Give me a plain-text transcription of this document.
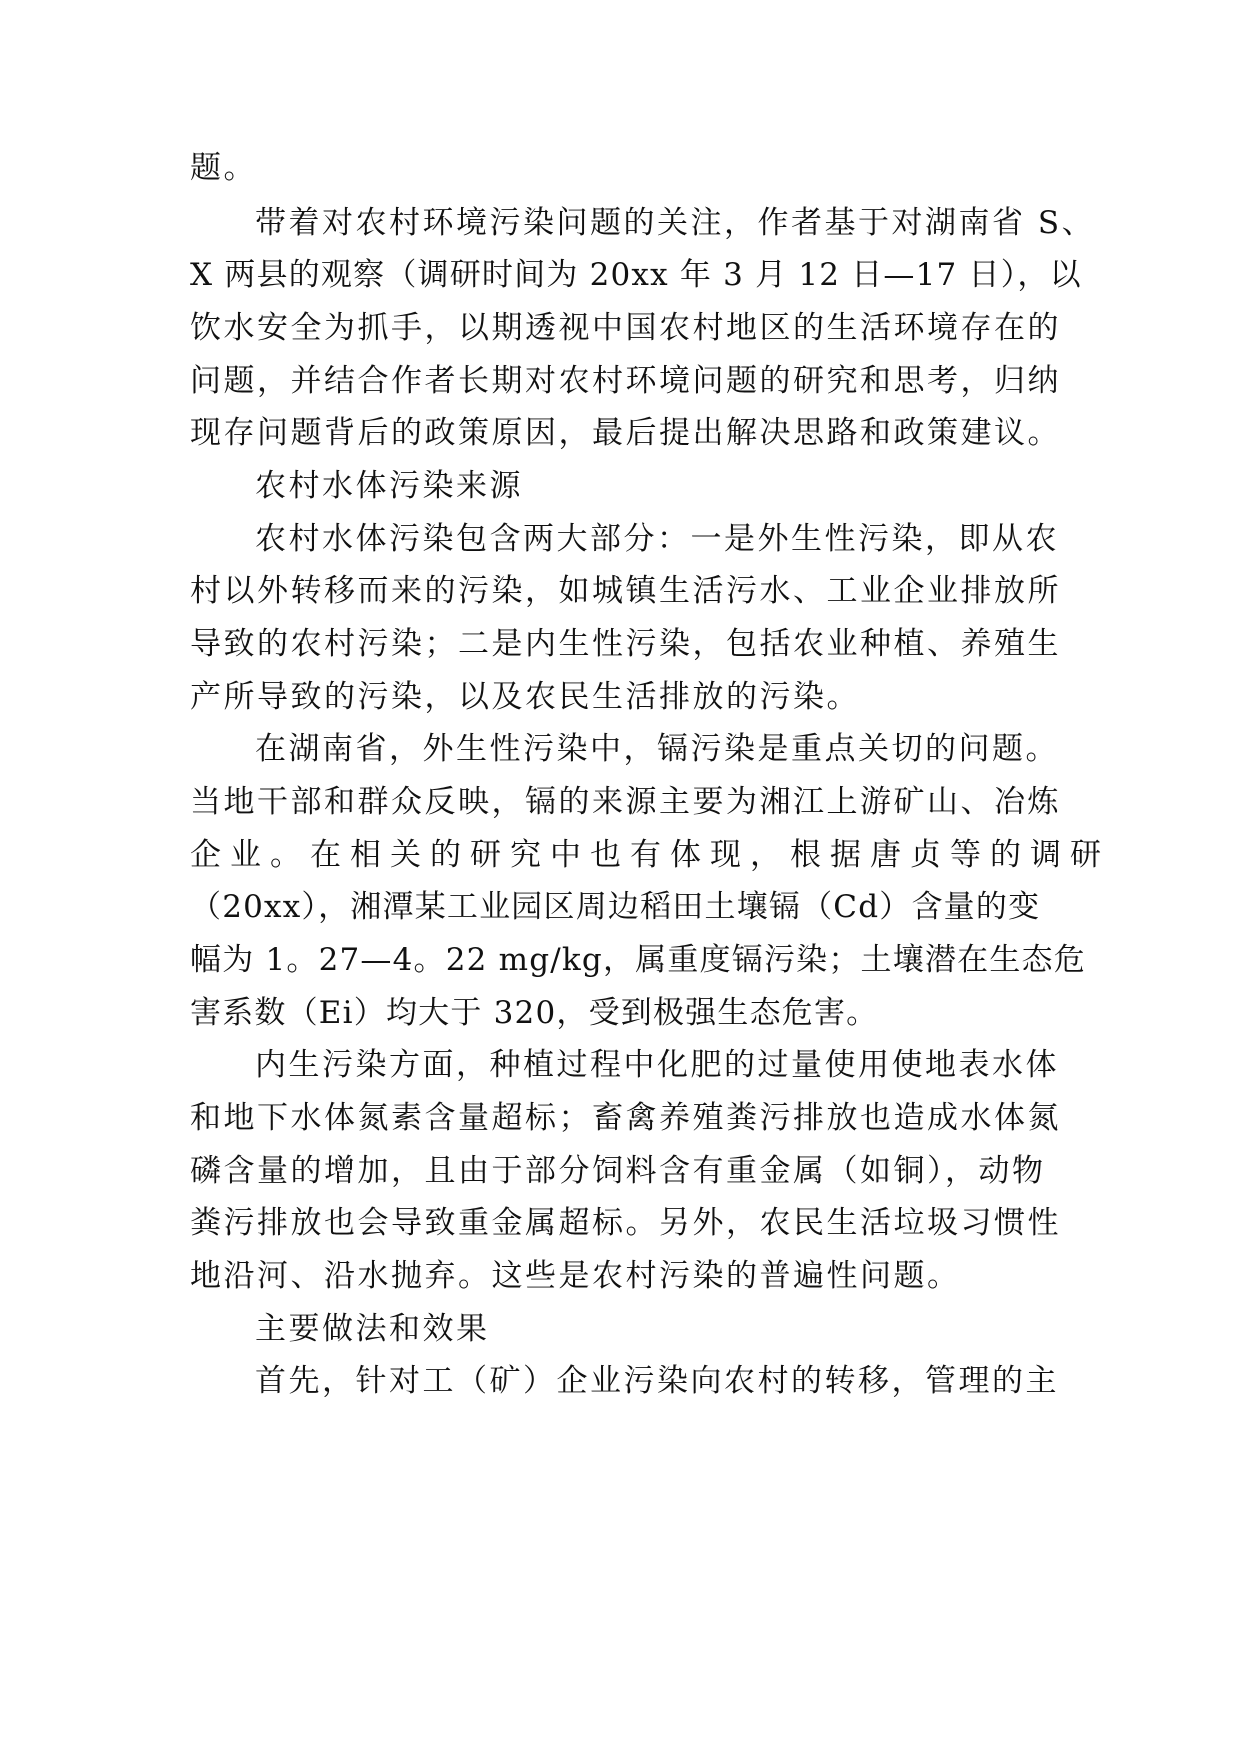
题。
带着对农村环境污染问题的关注，作者基于对湖南省 S、
X 两县的观察（调研时间为 20xx 年 3 月 12 日—17 日），以
饮水安全为抓手，以期透视中国农村地区的生活环境存在的
问题，并结合作者长期对农村环境问题的研究和思考，归纳
现存问题背后的政策原因，最后提出解决思路和政策建议。
农村水体污染来源
农村水体污染包含两大部分：一是外生性污染，即从农
村以外转移而来的污染，如城镇生活污水、工业企业排放所
导致的农村污染；二是内生性污染，包括农业种植、养殖生
产所导致的污染，以及农民生活排放的污染。
在湖南省，外生性污染中，镉污染是重点关切的问题。
当地干部和群众反映，镉的来源主要为湘江上游矿山、冶炼
企业。在相关的研究中也有体现，根据唐贞等的调研
（20xx），湘潭某工业园区周边稻田土壤镉（Cd）含量的变
幅为 1。27—4。22 mg/kg，属重度镉污染；土壤潜在生态危
害系数（Ei）均大于 320，受到极强生态危害。
内生污染方面，种植过程中化肥的过量使用使地表水体
和地下水体氮素含量超标；畜禽养殖粪污排放也造成水体氮
磷含量的增加，且由于部分饲料含有重金属（如铜），动物
粪污排放也会导致重金属超标。另外，农民生活垃圾习惯性
地沿河、沿水抛弃。这些是农村污染的普遍性问题。
主要做法和效果
首先，针对工（矿）企业污染向农村的转移，管理的主
